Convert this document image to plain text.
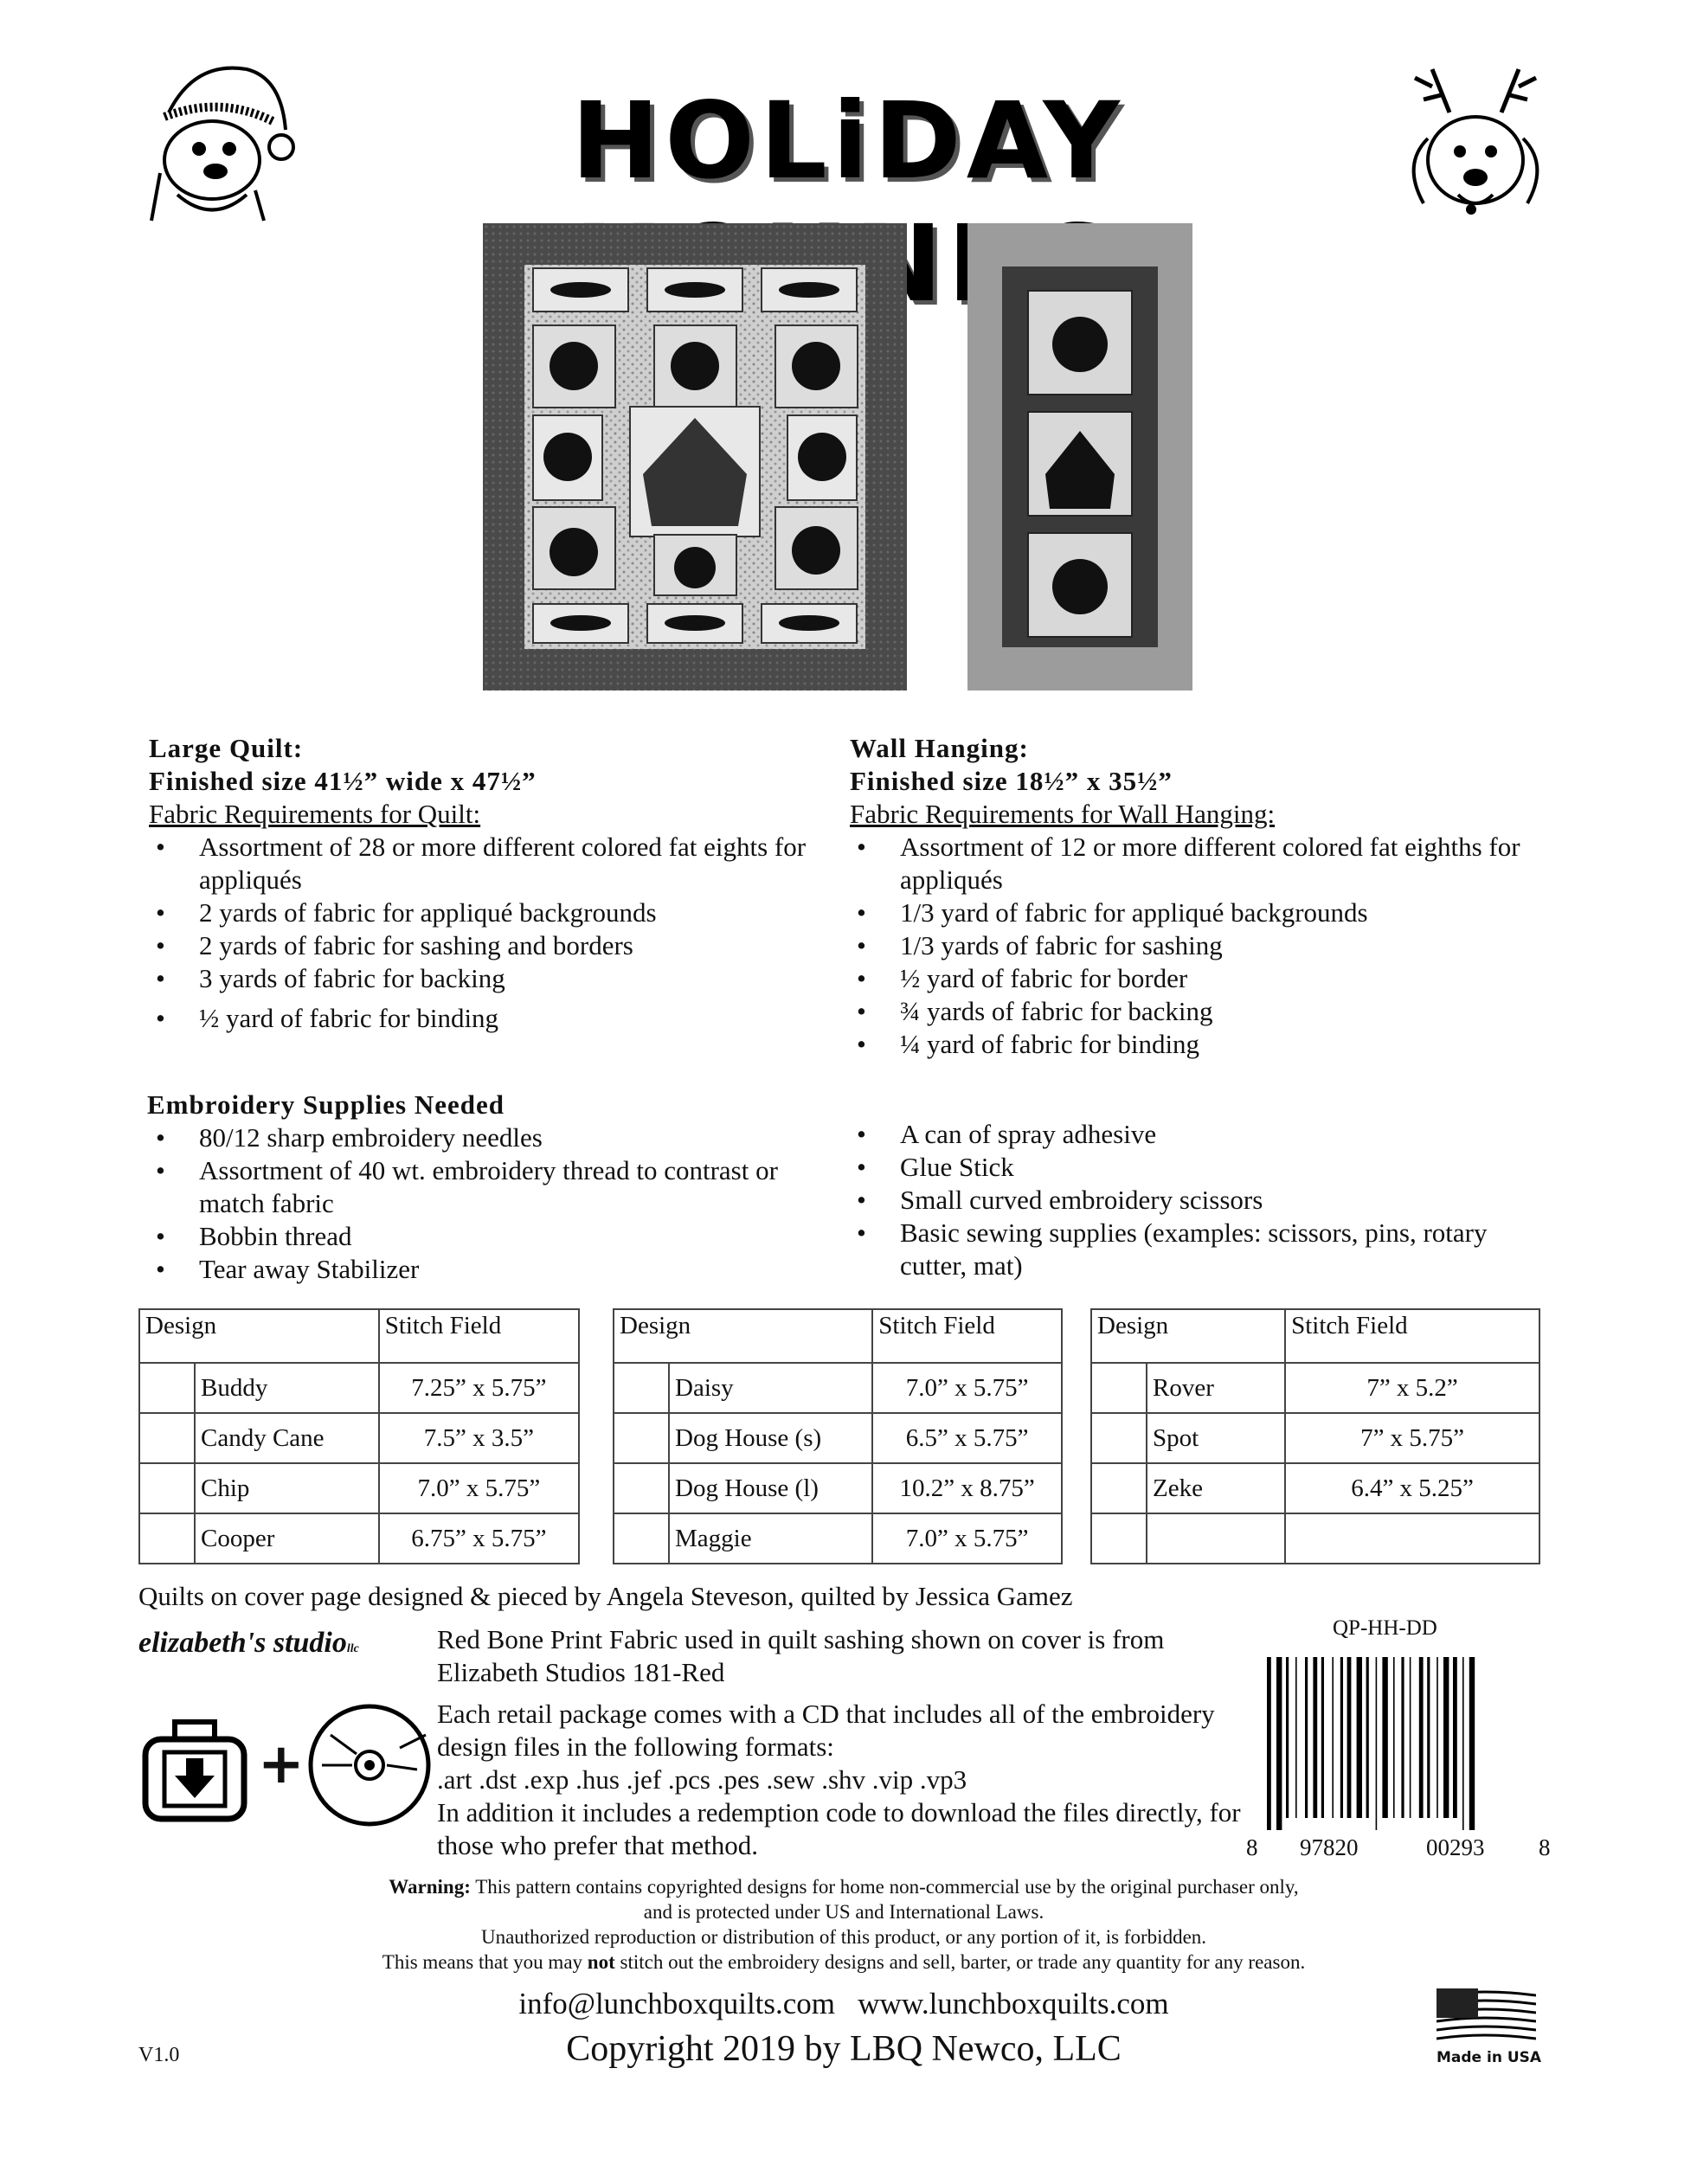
HOLiDAY
Large Quilt:
Finished size 41½” wide x 47½”
Fabric Requirements for Quilt:
• Assortment of 28 or more different colored fat eights for appliqués
• 2 yards of fabric for appliqué backgrounds
• 2 yards of fabric for sashing and borders
• 3 yards of fabric for backing
• ½ yard of fabric for binding
Wall Hanging:
Finished size 18½” x 35½”
Fabric Requirements for Wall Hanging:
• Assortment of 12 or more different colored fat eighths for appliqués
• 1/3 yard of fabric for appliqué backgrounds
• 1/3 yards of fabric for sashing
• ½ yard of fabric for border
• ¾ yards of fabric for backing
• ¼ yard of fabric for binding
Embroidery Supplies Needed
• 80/12 sharp embroidery needles
• Assortment of 40 wt. embroidery thread to contrast or match fabric
• Bobbin thread
• Tear away Stabilizer
• A can of spray adhesive
• Glue Stick
• Small curved embroidery scissors
• Basic sewing supplies (examples: scissors, pins, rotary cutter, mat)
Design		Stitch Field
	Buddy	7.25” x 5.75”
	Candy Cane	7.5” x 3.5”
	Chip	7.0” x 5.75”
	Cooper	6.75” x 5.75”
Design		Stitch Field
	Daisy	7.0” x 5.75”
	Dog House (s)	6.5” x 5.75”
	Dog House (l)	10.2” x 8.75”
	Maggie	7.0” x 5.75”
Design		Stitch Field
	Rover	7” x 5.2”
	Spot	7” x 5.75”
	Zeke	6.4” x 5.25”

Quilts on cover page designed & pieced by Angela Steveson, quilted by Jessica Gamez
elizabeth's studiollc	Red Bone Print Fabric used in quilt sashing shown on cover is from Elizabeth Studios 181-Red
+
Each retail package comes with a CD that includes all of the embroidery design files in the following formats:
.art .dst .exp .hus .jef .pcs .pes .sew .shv .vip .vp3
In addition it includes a redemption code to download the files directly, for those who prefer that method.
QP-HH-DD
8 97820	00293 8
Warning: This pattern contains copyrighted designs for home non-commercial use by the original purchaser only,
and is protected under US and International Laws.
Unauthorized reproduction or distribution of this product, or any portion of it, is forbidden.
This means that you may not stitch out the embroidery designs and sell, barter, or trade any quantity for any reason.
info@lunchboxquilts.com   www.lunchboxquilts.com
Copyright 2019 by LBQ Newco, LLC
V1.0	Made in USA
